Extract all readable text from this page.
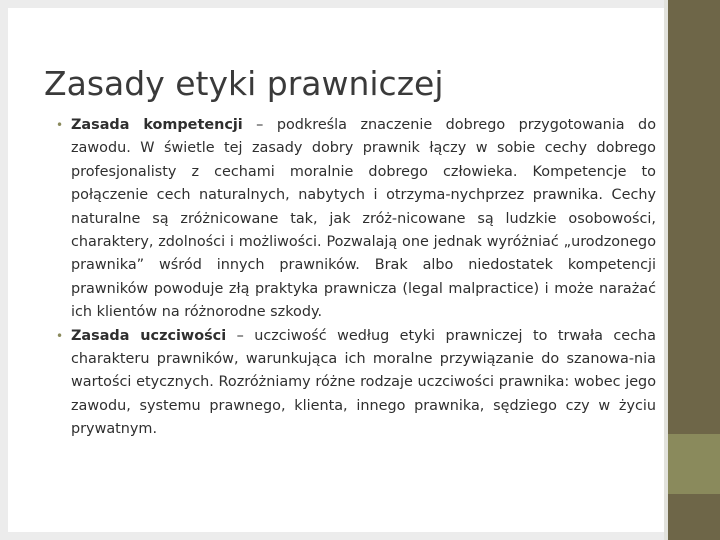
Zasady etyki prawniczej

• Zasada kompetencji – podkreśla znaczenie dobrego przygotowania do zawodu. W świetle tej zasady dobry prawnik łączy w sobie cechy dobrego profesjonalisty z cechami moralnie dobrego człowieka. Kompetencje to połączenie cech naturalnych, nabytych i otrzyma-nychprzez prawnika. Cechy naturalne są zróżnicowane tak, jak zróż-nicowane są ludzkie osobowości, charaktery, zdolności i możliwości. Pozwalają one jednak wyróżniać „urodzonego prawnika” wśród innych prawników. Brak albo niedostatek kompetencji prawników powoduje złą praktyka prawnicza (legal malpractice) i może narażać ich klientów na różnorodne szkody.

• Zasada uczciwości – uczciwość według etyki prawniczej to trwała cecha charakteru prawników, warunkująca ich moralne przywiązanie do szanowa-nia wartości etycznych. Rozróżniamy różne rodzaje uczciwości prawnika: wobec jego zawodu, systemu prawnego, klienta, innego prawnika, sędziego czy w życiu prywatnym.
